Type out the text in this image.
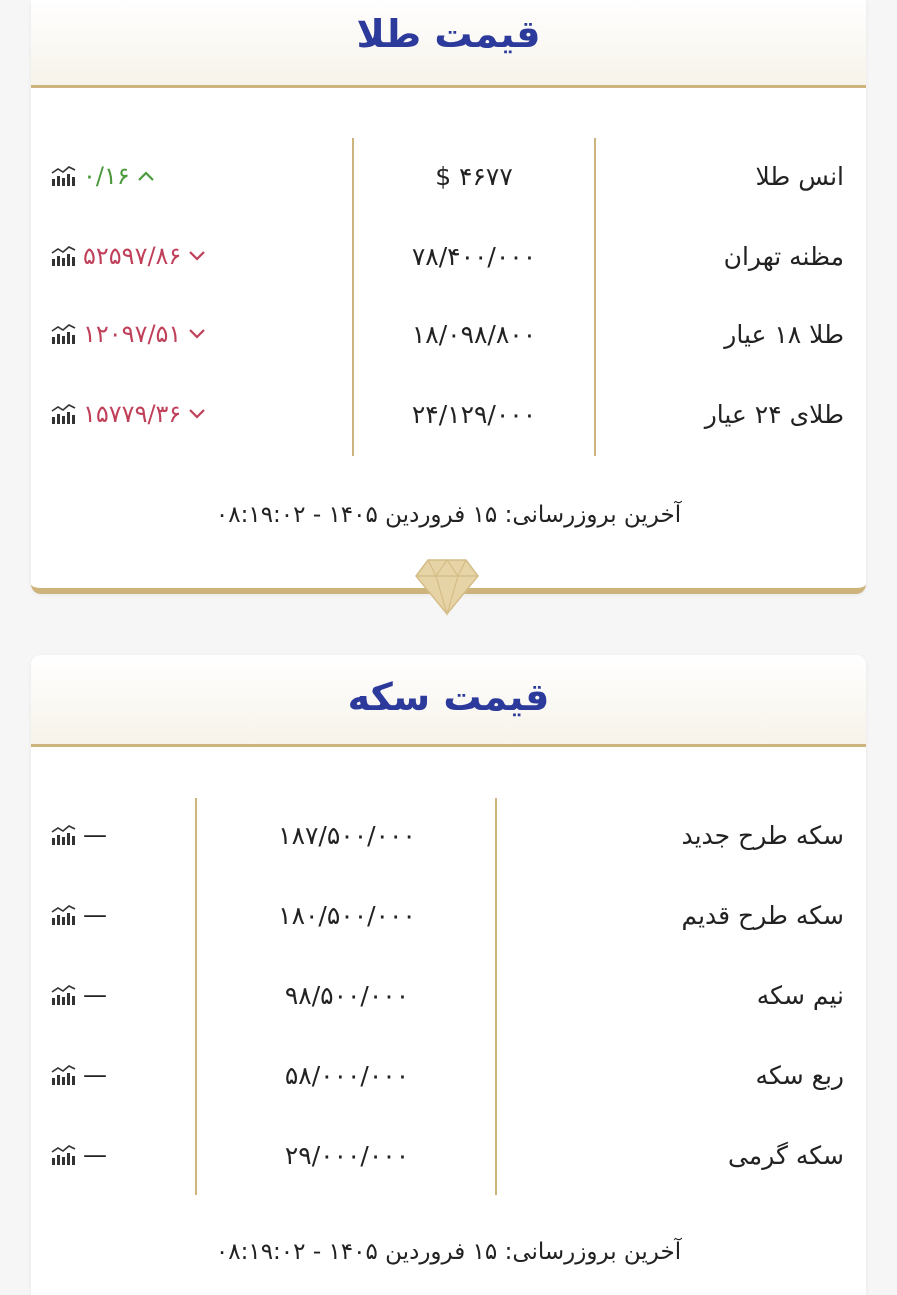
قیمت طلا
انس طلا
$ ۴۶۷۷
۰/۱۶
مظنه تهران
۷۸/۴۰۰/۰۰۰
۵۲۵۹۷/۸۶
طلا ۱۸ عیار
۱۸/۰۹۸/۸۰۰
۱۲۰۹۷/۵۱
طلای ۲۴ عیار
۲۴/۱۲۹/۰۰۰
۱۵۷۷۹/۳۶
آخرین بروزرسانی: ۱۵ فروردین ۱۴۰۵ - ۰۸:۱۹:۰۲
قیمت سکه
سکه طرح جدید
۱۸۷/۵۰۰/۰۰۰
—
سکه طرح قدیم
۱۸۰/۵۰۰/۰۰۰
—
نیم سکه
۹۸/۵۰۰/۰۰۰
—
ربع سکه
۵۸/۰۰۰/۰۰۰
—
سکه گرمی
۲۹/۰۰۰/۰۰۰
—
آخرین بروزرسانی: ۱۵ فروردین ۱۴۰۵ - ۰۸:۱۹:۰۲
